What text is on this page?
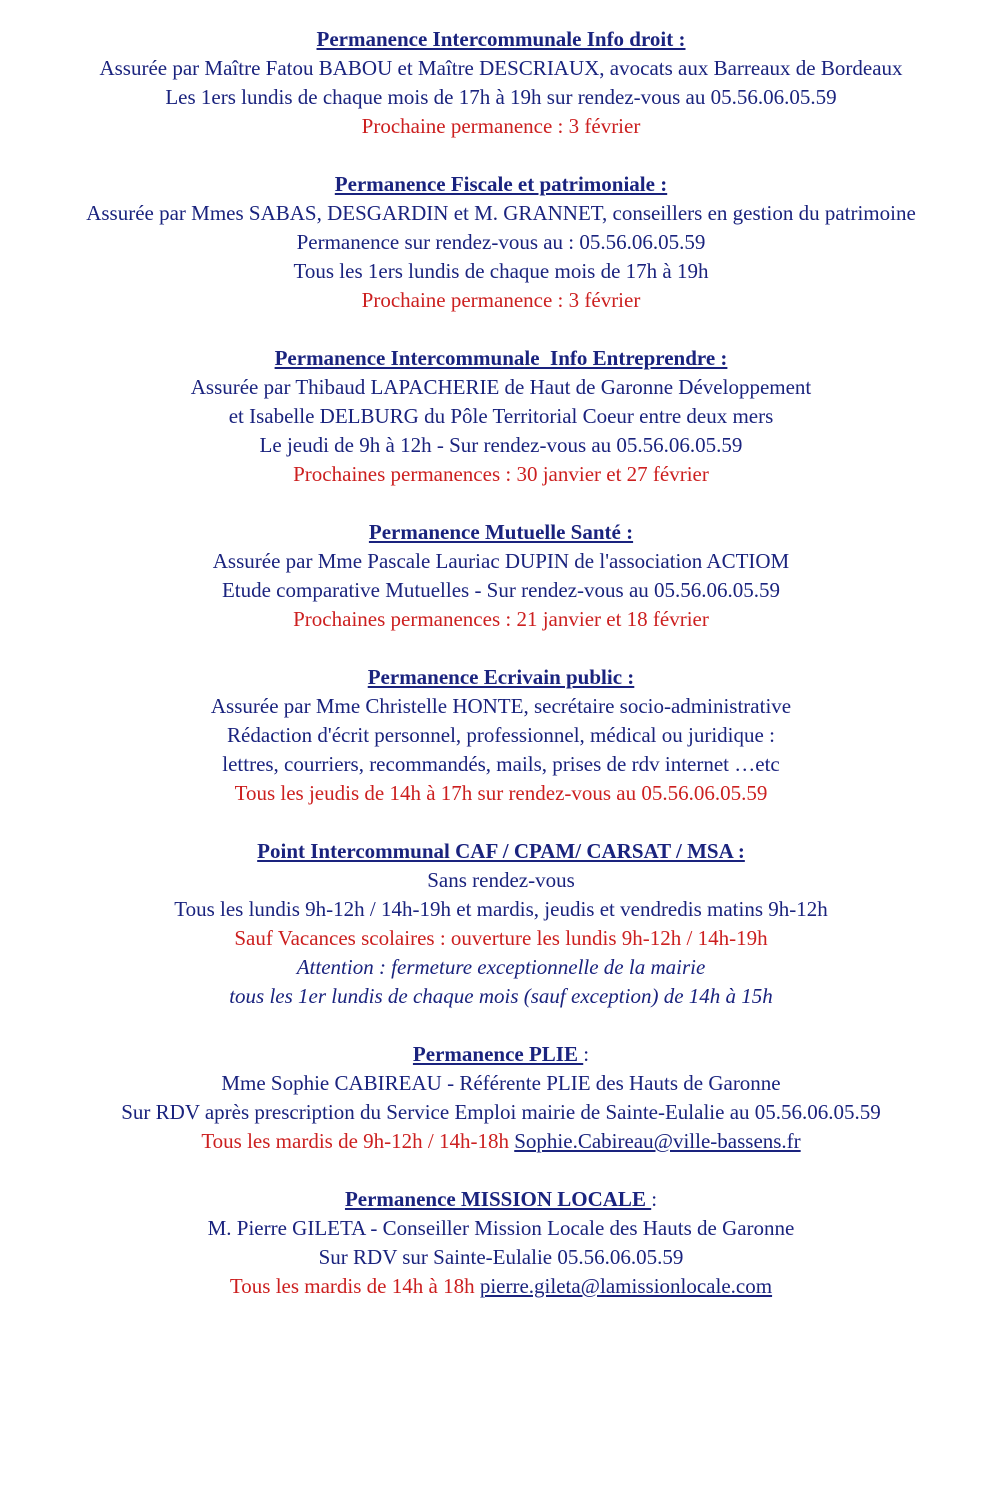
Permanence Intercommunale Info droit :
Assurée par Maître Fatou BABOU et Maître DESCRIAUX, avocats aux Barreaux de Bordeaux
Les 1ers lundis de chaque mois de 17h à 19h sur rendez-vous au 05.56.06.05.59
Prochaine permanence : 3 février
Permanence Fiscale et patrimoniale :
Assurée par Mmes SABAS, DESGARDIN et M. GRANNET, conseillers en gestion du patrimoine
Permanence sur rendez-vous au : 05.56.06.05.59
Tous les 1ers lundis de chaque mois de 17h à 19h
Prochaine permanence : 3 février
Permanence Intercommunale  Info Entreprendre :
Assurée par Thibaud LAPACHERIE de Haut de Garonne Développement
et Isabelle DELBURG du Pôle Territorial Coeur entre deux mers
Le jeudi de 9h à 12h - Sur rendez-vous au 05.56.06.05.59
Prochaines permanences : 30 janvier et 27 février
Permanence Mutuelle Santé :
Assurée par Mme Pascale Lauriac DUPIN de l'association ACTIOM
Etude comparative Mutuelles - Sur rendez-vous au 05.56.06.05.59
Prochaines permanences : 21 janvier et 18 février
Permanence Ecrivain public :
Assurée par Mme Christelle HONTE, secrétaire socio-administrative
Rédaction d'écrit personnel, professionnel, médical ou juridique :
lettres, courriers, recommandés, mails, prises de rdv internet …etc
Tous les jeudis de 14h à 17h sur rendez-vous au 05.56.06.05.59
Point Intercommunal CAF / CPAM/ CARSAT / MSA :
Sans rendez-vous
Tous les lundis 9h-12h / 14h-19h et mardis, jeudis et vendredis matins 9h-12h
Sauf Vacances scolaires : ouverture les lundis 9h-12h / 14h-19h
Attention : fermeture exceptionnelle de la mairie
tous les 1er lundis de chaque mois (sauf exception) de 14h à 15h
Permanence PLIE :
Mme Sophie CABIREAU - Référente PLIE des Hauts de Garonne
Sur RDV après prescription du Service Emploi mairie de Sainte-Eulalie au 05.56.06.05.59
Tous les mardis de 9h-12h / 14h-18h Sophie.Cabireau@ville-bassens.fr
Permanence MISSION LOCALE :
M. Pierre GILETA - Conseiller Mission Locale des Hauts de Garonne
Sur RDV sur Sainte-Eulalie 05.56.06.05.59
Tous les mardis de 14h à 18h pierre.gileta@lamissionlocale.com
